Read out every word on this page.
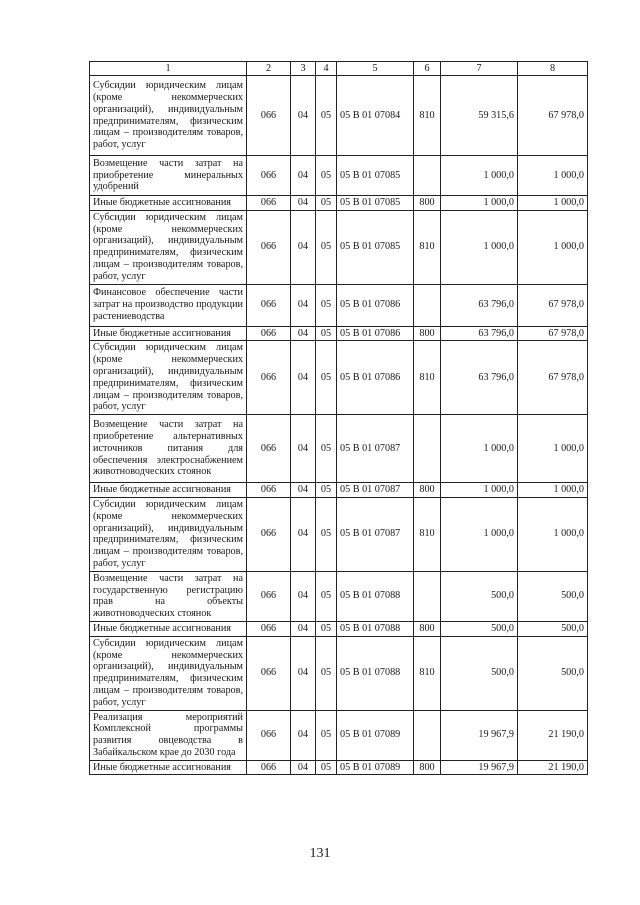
1	2	3	4	5	6	7	8
Субсидии юридическим лицам (кроме некоммерческих организаций), индивидуальным предпринимателям, физическим лицам – производителям товаров, работ, услуг	066	04	05	05 В 01 07084	810	59 315,6	67 978,0
Возмещение части затрат на приобретение минеральных удобрений	066	04	05	05 В 01 07085		1 000,0	1 000,0
Иные бюджетные ассигнования	066	04	05	05 В 01 07085	800	1 000,0	1 000,0
Субсидии юридическим лицам (кроме некоммерческих организаций), индивидуальным предпринимателям, физическим лицам – производителям товаров, работ, услуг	066	04	05	05 В 01 07085	810	1 000,0	1 000,0
Финансовое обеспечение части затрат на производство продукции растениеводства	066	04	05	05 В 01 07086		63 796,0	67 978,0
Иные бюджетные ассигнования	066	04	05	05 В 01 07086	800	63 796,0	67 978,0
Субсидии юридическим лицам (кроме некоммерческих организаций), индивидуальным предпринимателям, физическим лицам – производителям товаров, работ, услуг	066	04	05	05 В 01 07086	810	63 796,0	67 978,0
Возмещение части затрат на приобретение альтернативных источников питания для обеспечения электроснабжением животноводческих стоянок	066	04	05	05 В 01 07087		1 000,0	1 000,0
Иные бюджетные ассигнования	066	04	05	05 В 01 07087	800	1 000,0	1 000,0
Субсидии юридическим лицам (кроме некоммерческих организаций), индивидуальным предпринимателям, физическим лицам – производителям товаров, работ, услуг	066	04	05	05 В 01 07087	810	1 000,0	1 000,0
Возмещение части затрат на государственную регистрацию прав на объекты животноводческих стоянок	066	04	05	05 В 01 07088		500,0	500,0
Иные бюджетные ассигнования	066	04	05	05 В 01 07088	800	500,0	500,0
Субсидии юридическим лицам (кроме некоммерческих организаций), индивидуальным предпринимателям, физическим лицам – производителям товаров, работ, услуг	066	04	05	05 В 01 07088	810	500,0	500,0
Реализация мероприятий Комплексной программы развития овцеводства в Забайкальском крае до 2030 года	066	04	05	05 В 01 07089		19 967,9	21 190,0
Иные бюджетные ассигнования	066	04	05	05 В 01 07089	800	19 967,9	21 190,0
131
